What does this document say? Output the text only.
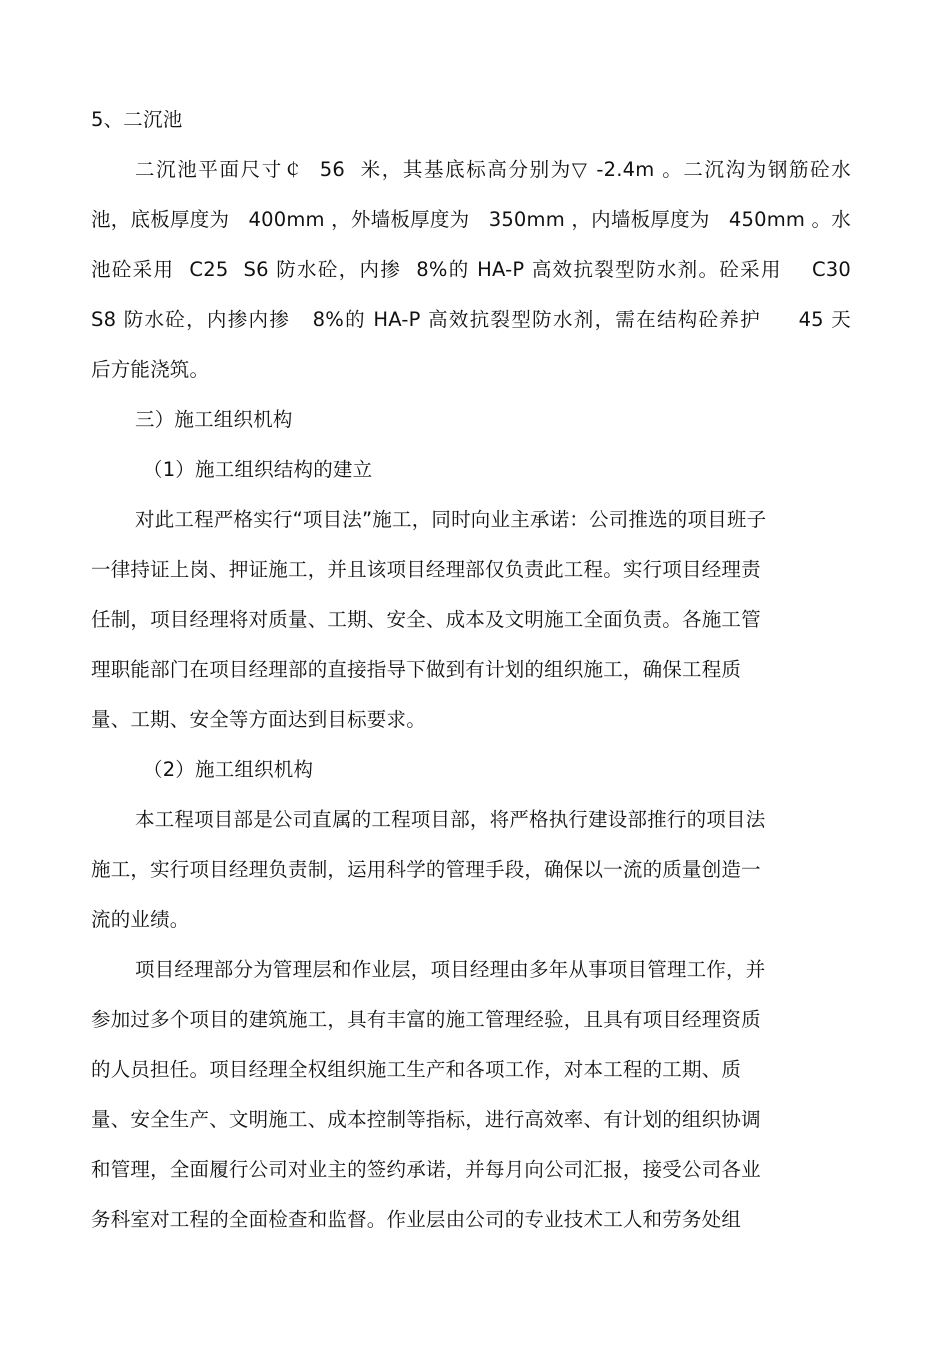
5、二沉池
二沉池平面尺寸￠  56  米，其基底标高分别为▽ -2.4m 。二沉沟为钢筋砼水
池，底板厚度为   400mm ，外墙板厚度为   350mm ，内墙板厚度为   450mm 。水
池砼采用  C25  S6 防水砼，内掺  8%的 HA-P 高效抗裂型防水剂。砼采用    C30
S8 防水砼，内掺内掺   8%的 HA-P 高效抗裂型防水剂，需在结构砼养护     45 天
后方能浇筑。
三）施工组织机构
（1）施工组织结构的建立
对此工程严格实行“项目法”施工，同时向业主承诺：公司推选的项目班子
一律持证上岗、押证施工，并且该项目经理部仅负责此工程。实行项目经理责
任制，项目经理将对质量、工期、安全、成本及文明施工全面负责。各施工管
理职能部门在项目经理部的直接指导下做到有计划的组织施工，确保工程质
量、工期、安全等方面达到目标要求。
（2）施工组织机构
本工程项目部是公司直属的工程项目部，将严格执行建设部推行的项目法
施工，实行项目经理负责制，运用科学的管理手段，确保以一流的质量创造一
流的业绩。
项目经理部分为管理层和作业层，项目经理由多年从事项目管理工作，并
参加过多个项目的建筑施工，具有丰富的施工管理经验，且具有项目经理资质
的人员担任。项目经理全权组织施工生产和各项工作，对本工程的工期、质
量、安全生产、文明施工、成本控制等指标，进行高效率、有计划的组织协调
和管理，全面履行公司对业主的签约承诺，并每月向公司汇报，接受公司各业
务科室对工程的全面检查和监督。作业层由公司的专业技术工人和劳务处组
